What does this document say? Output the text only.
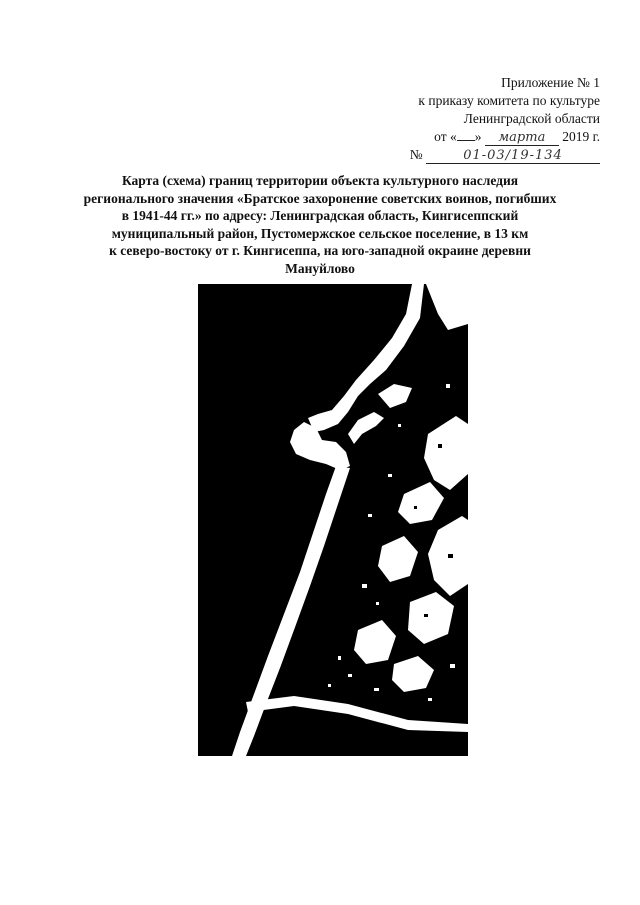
Приложение № 1
к приказу комитета по культуре
Ленинградской области
от « » марта 2019 г.
№	01-03/19-134
Карта (схема) границ территории объекта культурного наследия
регионального значения «Братское захоронение советских воинов, погибших
в 1941-44 гг.» по адресу: Ленинградская область, Кингисеппский
муниципальный район, Пустомержское сельское поселение, в 13 км
к северо-востоку от г. Кингисеппа, на юго-западной окраине деревни
Мануйлово
